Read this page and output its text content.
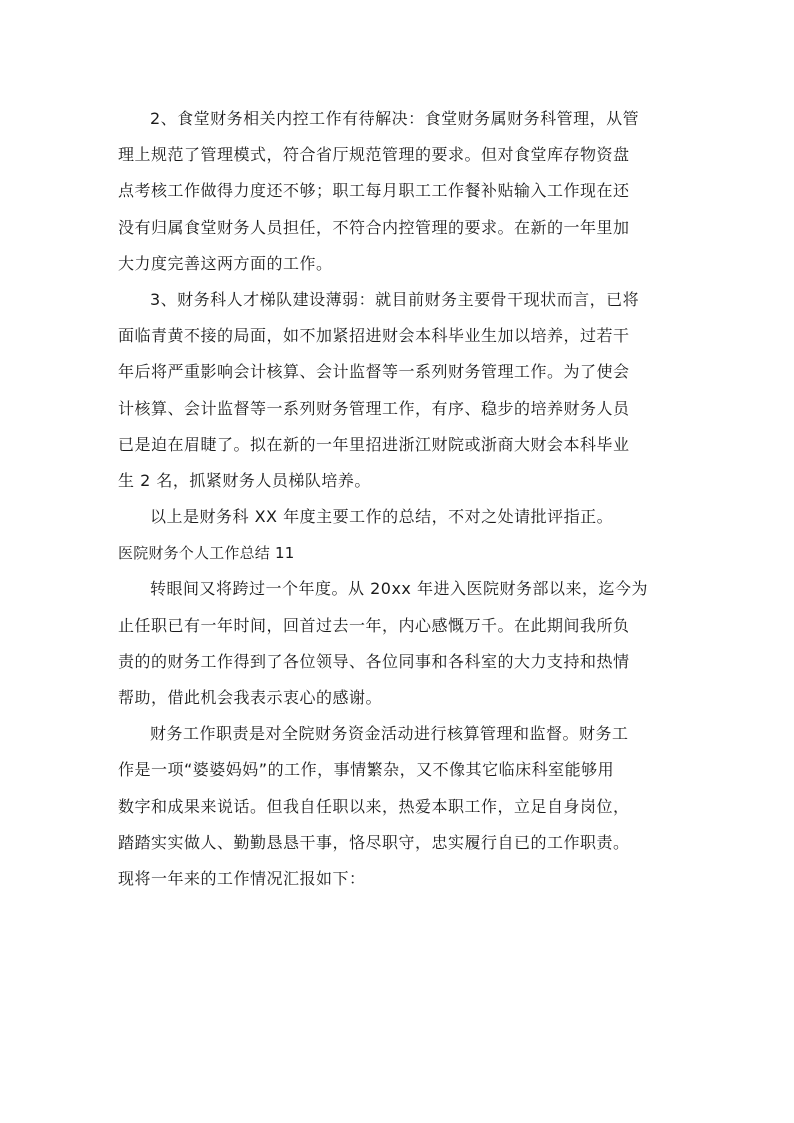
2、食堂财务相关内控工作有待解决：食堂财务属财务科管理，从管
理上规范了管理模式，符合省厅规范管理的要求。但对食堂库存物资盘
点考核工作做得力度还不够；职工每月职工工作餐补贴输入工作现在还
没有归属食堂财务人员担任，不符合内控管理的要求。在新的一年里加
大力度完善这两方面的工作。
3、财务科人才梯队建设薄弱：就目前财务主要骨干现状而言，已将
面临青黄不接的局面，如不加紧招进财会本科毕业生加以培养，过若干
年后将严重影响会计核算、会计监督等一系列财务管理工作。为了使会
计核算、会计监督等一系列财务管理工作，有序、稳步的培养财务人员
已是迫在眉睫了。拟在新的一年里招进浙江财院或浙商大财会本科毕业
生 2 名，抓紧财务人员梯队培养。
以上是财务科 XX 年度主要工作的总结，不对之处请批评指正。
医院财务个人工作总结 11
转眼间又将跨过一个年度。从 20xx 年进入医院财务部以来，迄今为
止任职已有一年时间，回首过去一年，内心感慨万千。在此期间我所负
责的的财务工作得到了各位领导、各位同事和各科室的大力支持和热情
帮助，借此机会我表示衷心的感谢。
财务工作职责是对全院财务资金活动进行核算管理和监督。财务工
作是一项“婆婆妈妈”的工作，事情繁杂，又不像其它临床科室能够用
数字和成果来说话。但我自任职以来，热爱本职工作，立足自身岗位，
踏踏实实做人、勤勤恳恳干事，恪尽职守，忠实履行自已的工作职责。
现将一年来的工作情况汇报如下：
